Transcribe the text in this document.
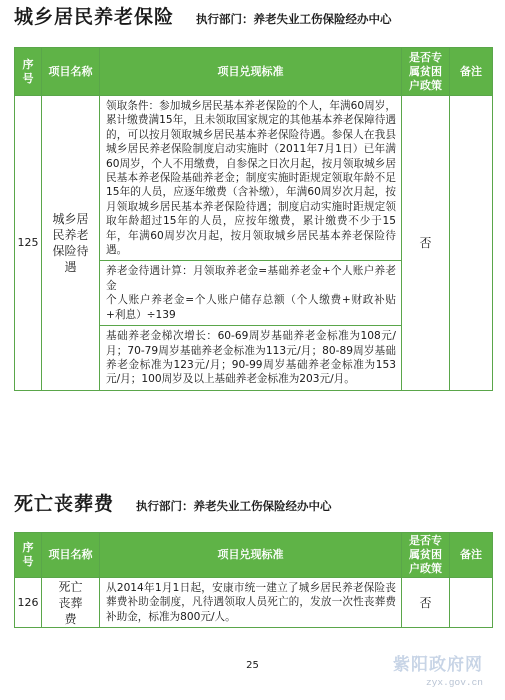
城乡居民养老保险 执行部门：养老失业工伤保险经办中心
序号	项目名称	项目兑现标准	是否专属贫困户政策	备注
125	城乡居民养老保险待遇	领取条件：参加城乡居民基本养老保险的个人，年满60周岁，累计缴费满15年，且未领取国家规定的其他基本养老保障待遇的，可以按月领取城乡居民基本养老保险待遇。参保人在我县城乡居民养老保险制度启动实施时（2011年7月1日）已年满60周岁，个人不用缴费，自参保之日次月起，按月领取城乡居民基本养老保险基础养老金；制度实施时距规定领取年龄不足15年的人员，应逐年缴费（含补缴），年满60周岁次月起，按月领取城乡居民基本养老保险待遇；制度启动实施时距规定领取年龄超过15年的人员，应按年缴费，累计缴费不少于15年，年满60周岁次月起，按月领取城乡居民基本养老保险待遇。
养老金待遇计算：月领取养老金=基础养老金+个人账户养老金
个人账户养老金=个人账户储存总额（个人缴费+财政补贴+利息）÷139
基础养老金梯次增长：60-69周岁基础养老金标准为108元/月；70-79周岁基础养老金标准为113元/月；80-89周岁基础养老金标准为123元/月；90-99周岁基础养老金标准为153元/月；100周岁及以上基础养老金标准为203元/月。	否	
死亡丧葬费 执行部门：养老失业工伤保险经办中心
序号	项目名称	项目兑现标准	是否专属贫困户政策	备注
126	死亡丧葬费	从2014年1月1日起，安康市统一建立了城乡居民养老保险丧葬费补助金制度，凡待遇领取人员死亡的，发放一次性丧葬费补助金，标准为800元/人。	否	
25	紫阳政府网
zyx.gov.cn
